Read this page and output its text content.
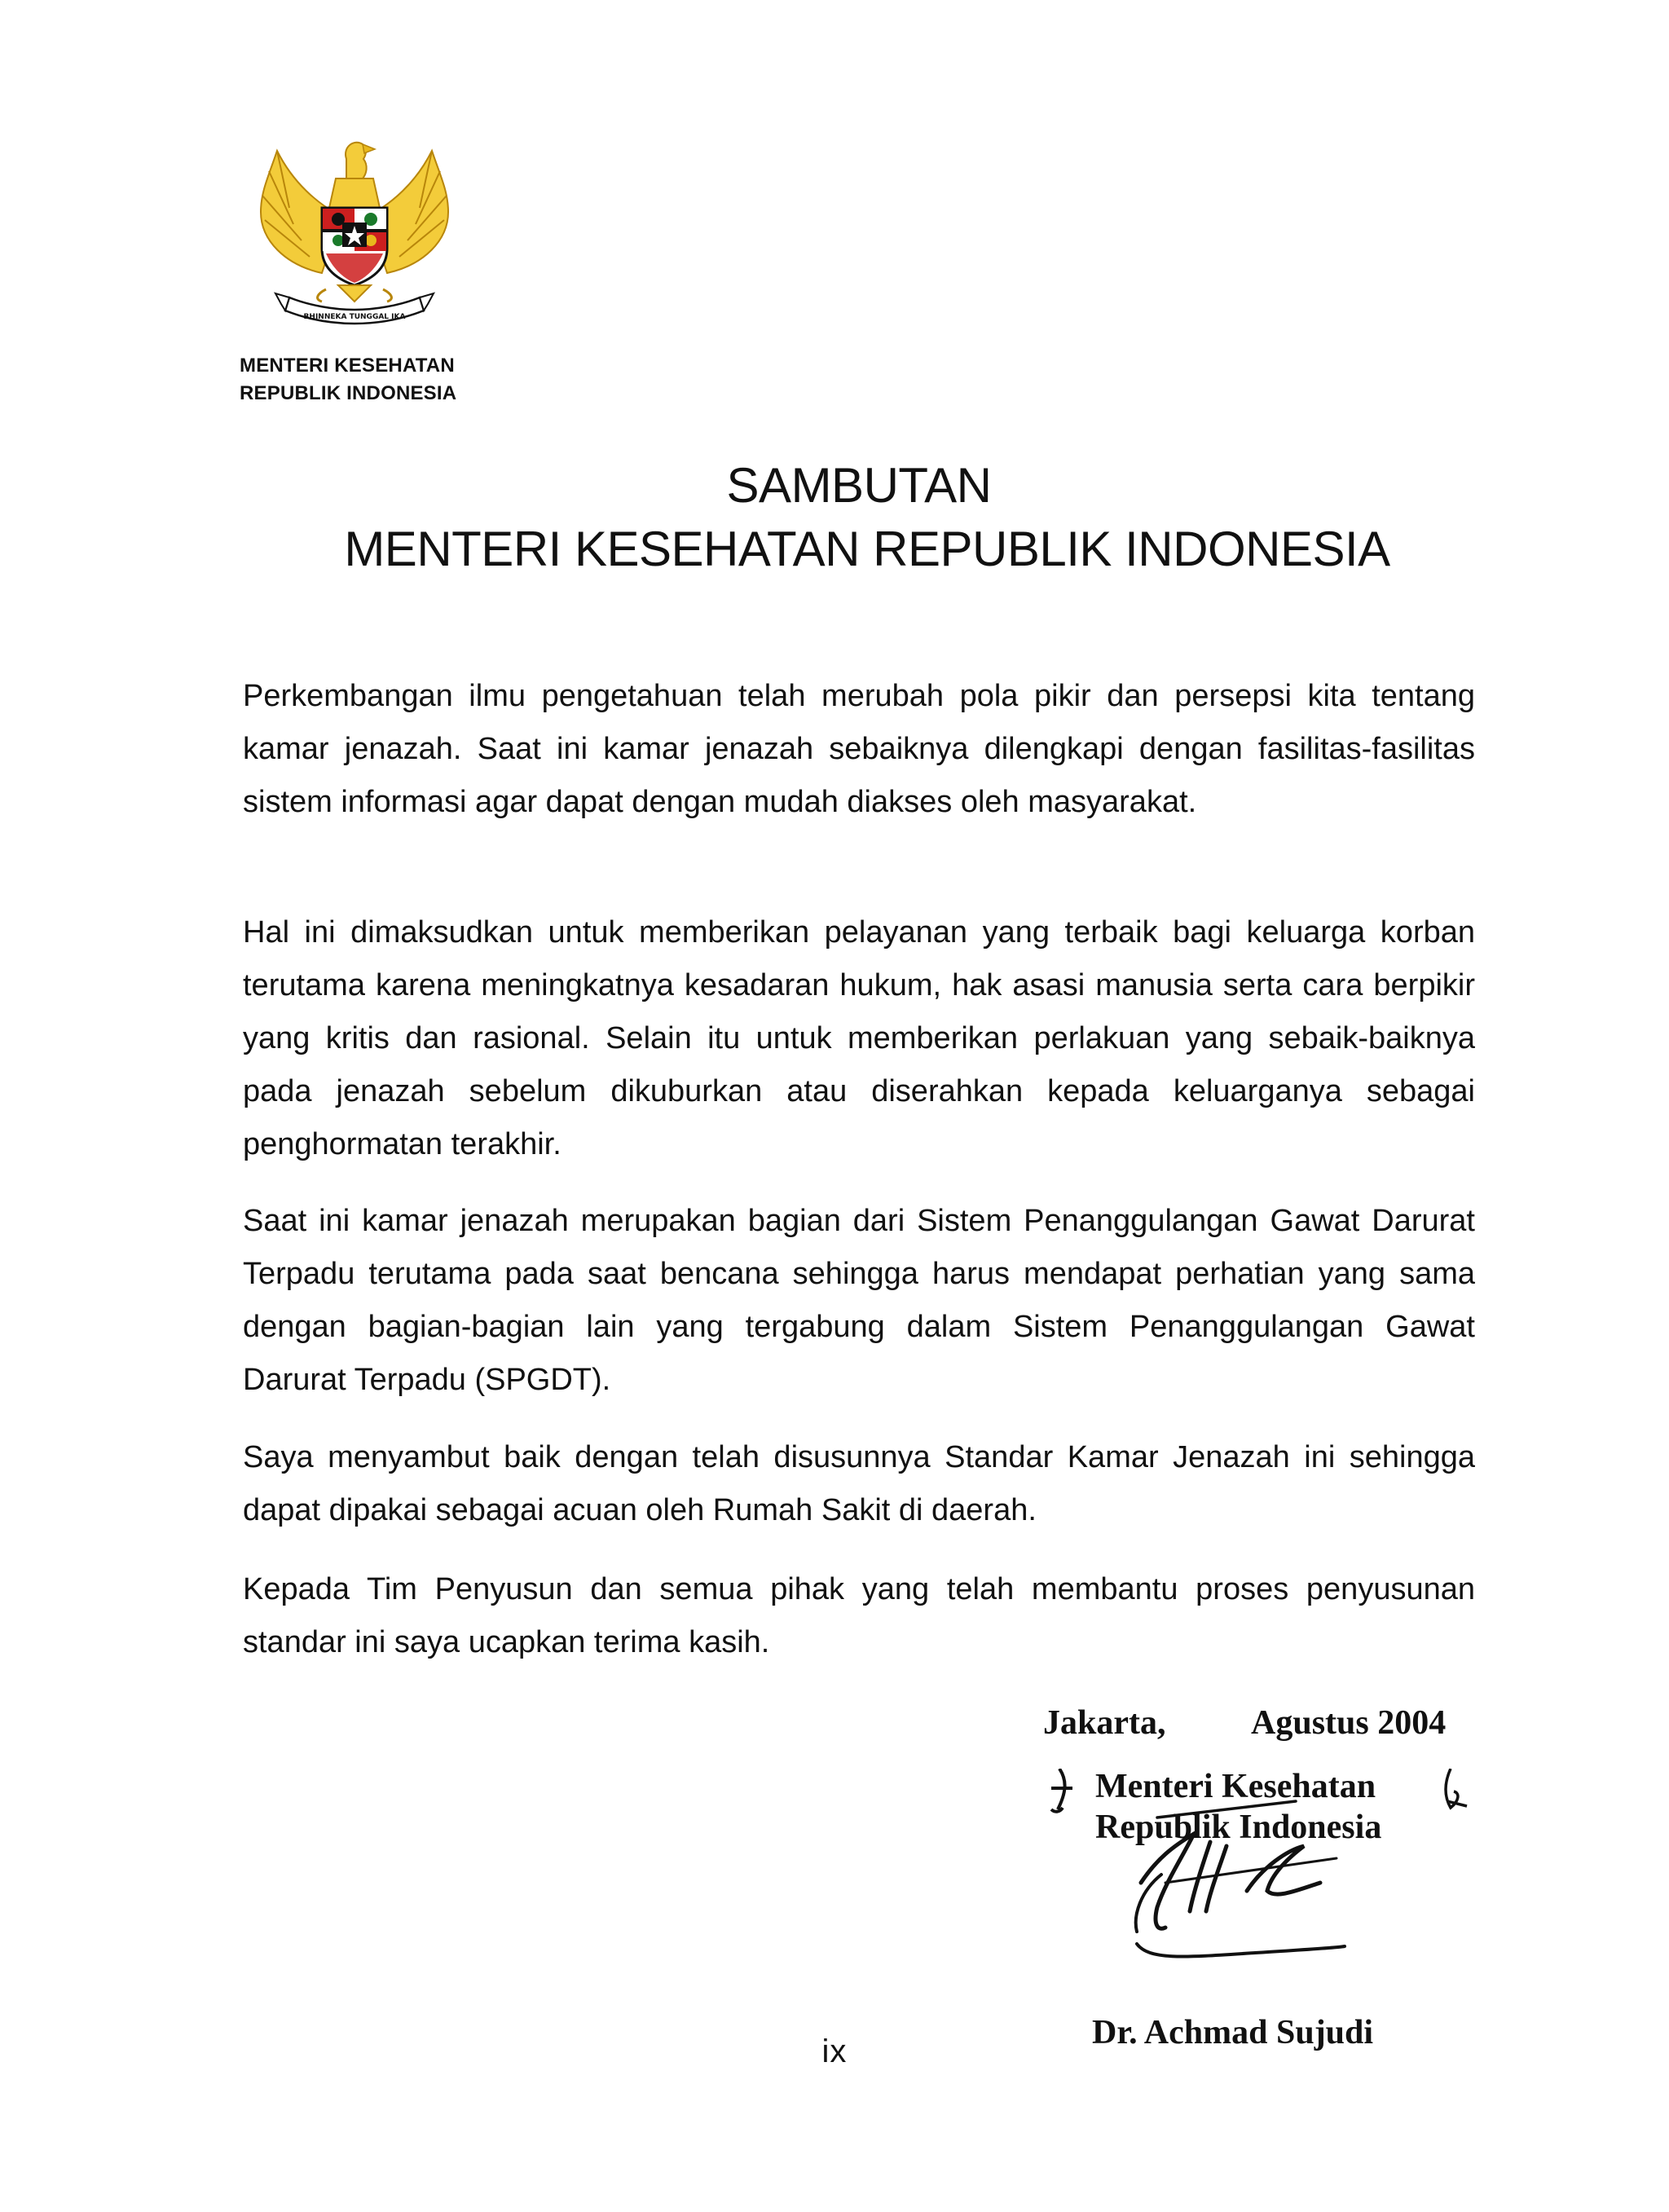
BHINNEKA TUNGGAL IKA
MENTERI KESEHATAN
REPUBLIK INDONESIA
SAMBUTAN
MENTERI KESEHATAN REPUBLIK INDONESIA

Perkembangan ilmu pengetahuan telah merubah pola pikir dan persepsi kita tentang kamar jenazah. Saat ini kamar jenazah sebaiknya dilengkapi dengan fasilitas-fasilitas sistem informasi agar dapat dengan mudah diakses oleh masyarakat.

Hal ini dimaksudkan untuk memberikan pelayanan yang terbaik bagi keluarga korban terutama karena meningkatnya kesadaran hukum, hak asasi manusia serta cara berpikir yang kritis dan rasional. Selain itu untuk memberikan perlakuan yang sebaik-baiknya pada jenazah sebelum dikuburkan atau diserahkan kepada keluarganya sebagai penghormatan terakhir.

Saat ini kamar jenazah merupakan bagian dari Sistem Penanggulangan Gawat Darurat Terpadu terutama pada saat bencana sehingga harus mendapat perhatian yang sama dengan bagian-bagian lain yang tergabung dalam Sistem Penanggulangan Gawat Darurat Terpadu (SPGDT).

Saya menyambut baik dengan telah disusunnya Standar Kamar Jenazah ini sehingga dapat dipakai sebagai acuan oleh Rumah Sakit di daerah.

Kepada Tim Penyusun dan semua pihak yang telah membantu proses penyusunan standar ini saya ucapkan terima kasih.

Jakarta, Agustus 2004
Menteri Kesehatan
Republik Indonesia
Dr. Achmad Sujudi
ix
